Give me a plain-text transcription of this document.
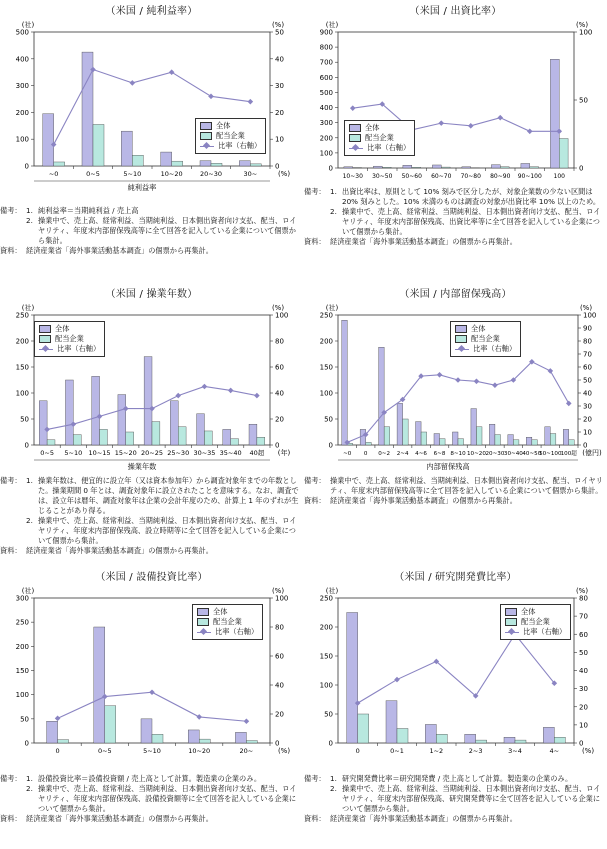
（米国 / 純利益率）
0
100
200
300
400
500
0
10
20
30
40
50
(社)	(%)
~0	0~5	5~10	10~20	20~30	30~
純利益率
(%)
全体
配当企業
比率（右軸）
備考： 1. 純利益率＝当期純利益 / 売上高
2. 操業中で、売上高、経常利益、当期純利益、日本側出資者向け支払、配当、ロイヤリティ、年度末内部留保残高等に全て回答を記入している企業について個票から集計。
資料： 経済産業省「海外事業活動基本調査」の個票から再集計。
（米国 / 出資比率）
0
100
200
300
400
500
600
700
800
900
0
50
100
(社)	(%)
10~30 30~50 50~60 60~70 70~80 80~90 90~100 100
全体
配当企業
比率（右軸）
備考： 1. 出資比率は、原則として 10% 刻みで区分したが、対象企業数の少ない区間は 20% 刻みとした。10% 未満のものは調査の対象が出資比率 10% 以上のため。
2. 操業中で、売上高、経常利益、当期純利益、日本側出資者向け支払、配当、ロイヤリティ、年度末内部留保残高、出資比率等に全て回答を記入している企業について個票から集計。
資料： 経済産業省「海外事業活動基本調査」の個票から再集計。
（米国 / 操業年数）
0
50
100
150
200
250
0
20
40
60
80
100
(社)	(%)
0~5 5~10 10~15 15~20 20~25 25~30 30~35 35~40 40超
操業年数
(年)
全体
配当企業
比率（右軸）
備考： 1. 操業年数は、便宜的に設立年（又は資本参加年）から調査対象年までの年数とした。操業期間 0 年とは、調査対象年に設立されたことを意味する。なお、調査では、設立年は暦年、調査対象年は企業の会計年度のため、計算上 1 年のずれが生じることがあり得る。
2. 操業中で、売上高、経常利益、当期純利益、日本側出資者向け支払、配当、ロイヤリティ、年度末内部留保残高、設立時期等に全て回答を記入している企業について個票から集計。
資料： 経済産業省「海外事業活動基本調査」の個票から再集計。
（米国 / 内部留保残高）
0
50
100
150
200
250
0
10
20
30
40
50
60
70
80
90
100
(社)	(%)
~0 0 0~2 2~4 4~6 6~8 8~10 10~20 20~30 30~40 40~50
50~100 100超
内部留保残高
(億円)
全体
配当企業
比率（右軸）
備考： 操業中で、売上高、経常利益、当期純利益、日本側出資者向け支払、配当、ロイヤリティ、年度末内部留保残高等に全て回答を記入している企業について個票から集計。
資料： 経済産業省「海外事業活動基本調査」の個票から再集計。
（米国 / 設備投資比率）
0
50
100
150
200
250
300
0
20
40
60
80
100
(社)	(%)
0	0~5	5~10	10~20	20~	(%)
全体
配当企業
比率（右軸）
備考： 1. 設備投資比率＝設備投資額 / 売上高として計算。製造業の企業のみ。
2. 操業中で、売上高、経常利益、当期純利益、日本側出資者向け支払、配当、ロイヤリティ、年度末内部留保残高、設備投資額等に全て回答を記入している企業について個票から集計。
資料： 経済産業省「海外事業活動基本調査」の個票から再集計。
（米国 / 研究開発費比率）
0
50
100
150
200
250
0
10
20
30
40
50
60
70
80
(社)	(%)
0	0~1	1~2	2~3	3~4	4~	(%)
全体
配当企業
比率（右軸）
備考： 1. 研究開発費比率＝研究開発費 / 売上高として計算。製造業の企業のみ。
2. 操業中で、売上高、経常利益、当期純利益、日本側出資者向け支払、配当、ロイヤリティ、年度末内部留保残高、研究開発費等に全て回答を記入している企業について個票から集計。
資料： 経済産業省「海外事業活動基本調査」の個票から再集計。
